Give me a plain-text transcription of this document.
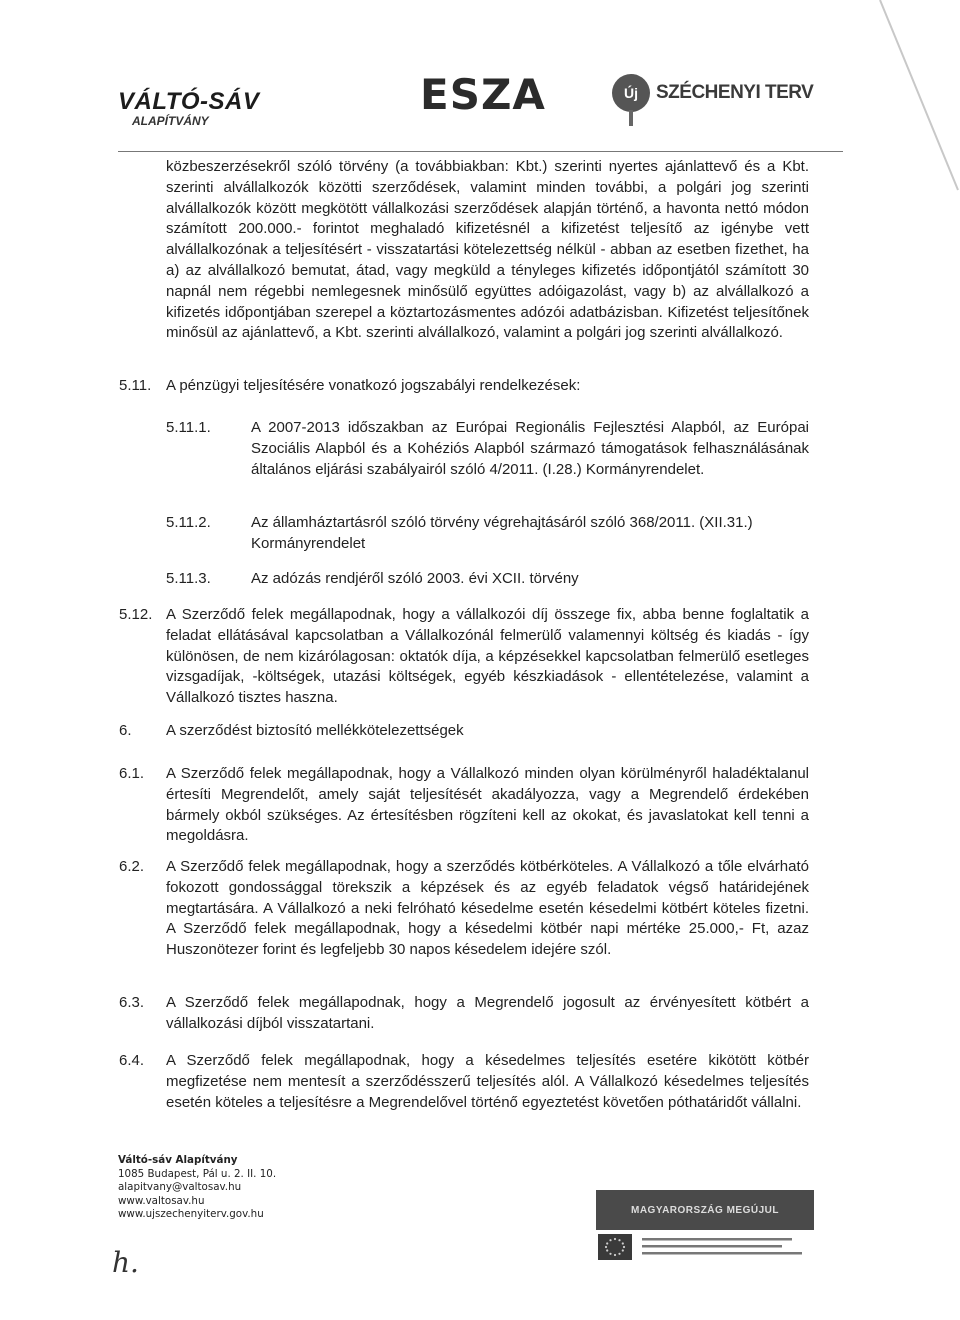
VÁLTÓ-SÁV
ALAPÍTVÁNY
ESZA	Új SZÉCHENYI TERV
közbeszerzésekről szóló törvény (a továbbiakban: Kbt.) szerinti nyertes ajánlattevő és a Kbt. szerinti alvállalkozók közötti szerződések, valamint minden további, a polgári jog szerinti alvállalkozók között megkötött vállalkozási szerződések alapján történő, a havonta nettó módon számított 200.000.- forintot meghaladó kifizetésnél a kifizetést teljesítő az igénybe vett alvállalkozónak a teljesítésért - visszatartási kötelezettség nélkül - abban az esetben fizethet, ha a) az alvállalkozó bemutat, átad, vagy megküld a tényleges kifizetés időpontjától számított 30 napnál nem régebbi nemlegesnek minősülő együttes adóigazolást, vagy b) az alvállalkozó a kifizetés időpontjában szerepel a köztartozásmentes adózói adatbázisban. Kifizetést teljesítőnek minősül az ajánlattevő, a Kbt. szerinti alvállalkozó, valamint a polgári jog szerinti alvállalkozó.
5.11. A pénzügyi teljesítésére vonatkozó jogszabályi rendelkezések:
5.11.1.	A 2007-2013 időszakban az Európai Regionális Fejlesztési Alapból, az Európai Szociális Alapból és a Kohéziós Alapból származó támogatások felhasználásának általános eljárási szabályairól szóló 4/2011. (I.28.) Kormányrendelet.
5.11.2.	Az államháztartásról szóló törvény végrehajtásáról szóló 368/2011. (XII.31.) Kormányrendelet
5.11.3.	Az adózás rendjéről szóló 2003. évi XCII. törvény
5.12. A Szerződő felek megállapodnak, hogy a vállalkozói díj összege fix, abba benne foglaltatik a feladat ellátásával kapcsolatban a Vállalkozónál felmerülő valamennyi költség és kiadás - így különösen, de nem kizárólagosan: oktatók díja, a képzésekkel kapcsolatban felmerülő esetleges vizsgadíjak, -költségek, utazási költségek, egyéb készkiadások - ellentételezése, valamint a Vállalkozó tisztes haszna.
6. A szerződést biztosító mellékkötelezettségek
6.1. A Szerződő felek megállapodnak, hogy a Vállalkozó minden olyan körülményről haladéktalanul értesíti Megrendelőt, amely saját teljesítését akadályozza, vagy a Megrendelő érdekében bármely okból szükséges. Az értesítésben rögzíteni kell az okokat, és javaslatokat kell tenni a megoldásra.
6.2. A Szerződő felek megállapodnak, hogy a szerződés kötbérköteles. A Vállalkozó a tőle elvárható fokozott gondossággal törekszik a képzések és az egyéb feladatok végső határidejének megtartására. A Vállalkozó a neki felróható késedelme esetén késedelmi kötbért köteles fizetni. A Szerződő felek megállapodnak, hogy a késedelmi kötbér napi mértéke 25.000,- Ft, azaz Huszonötezer forint és legfeljebb 30 napos késedelem idejére szól.
6.3. A Szerződő felek megállapodnak, hogy a Megrendelő jogosult az érvényesített kötbért a vállalkozási díjból visszatartani.
6.4. A Szerződő felek megállapodnak, hogy a késedelmes teljesítés esetére kikötött kötbér megfizetése nem mentesít a szerződésszerű teljesítés alól. A Vállalkozó késedelmes teljesítés esetén köteles a teljesítésre a Megrendelővel történő egyeztetést követően póthatáridőt vállalni.
Váltó-sáv Alapítvány
1085 Budapest, Pál u. 2. II. 10.
alapitvany@valtosav.hu
www.valtosav.hu
www.ujszechenyiterv.gov.hu	MAGYARORSZÁG MEGÚJUL
h.
